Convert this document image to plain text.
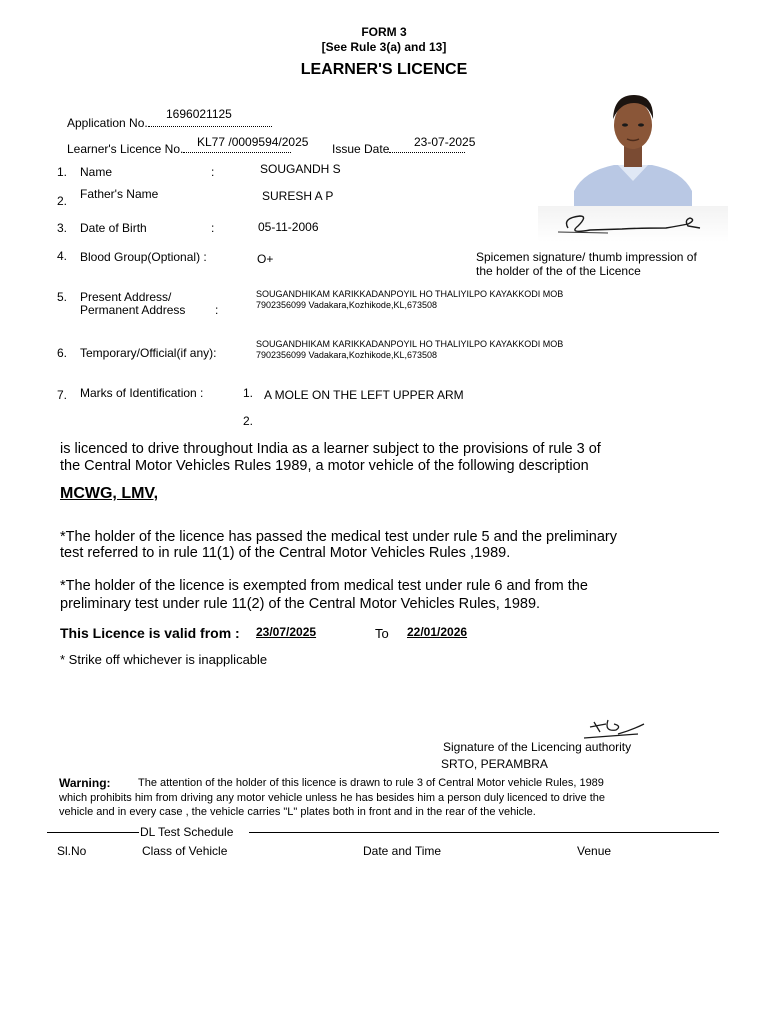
FORM 3
[See Rule 3(a) and 13]
LEARNER'S LICENCE
Application No.
1696021125
Learner's Licence No.	KL77 /0009594/2025 Issue Date	23-07-2025
1. Name	:	SOUGANDH S
2. Father's Name	SURESH A P
3. Date of Birth	:	05-11-2006
4. Blood Group(Optional) :	O+	Spicemen signature/ thumb impression of
the holder of the of the Licence
5. Present Address/
Permanent Address :
SOUGANDHIKAM KARIKKADANPOYIL HO THALIYILPO KAYAKKODI MOB
7902356099 Vadakara,Kozhikode,KL,673508
6. Temporary/Official(if any):
SOUGANDHIKAM KARIKKADANPOYIL HO THALIYILPO KAYAKKODI MOB
7902356099 Vadakara,Kozhikode,KL,673508
7. Marks of Identification :	1. A MOLE ON THE LEFT UPPER ARM
2.
is licenced to drive throughout India as a learner subject to the provisions of rule 3 of
the Central Motor Vehicles Rules 1989, a motor vehicle of the following description
MCWG, LMV,
*The holder of the licence has passed the medical test under rule 5 and the preliminary
test referred to in rule 11(1) of the Central Motor Vehicles Rules ,1989.
*The holder of the licence is exempted from medical test under rule 6 and from the
preliminary test under rule 11(2) of the Central Motor Vehicles Rules, 1989.
This Licence is valid from : 23/07/2025	To 22/01/2026
* Strike off whichever is inapplicable
Signature of the Licencing authority
SRTO, PERAMBRA
Warning: The attention of the holder of this licence is drawn to rule 3 of Central Motor vehicle Rules, 1989
which prohibits him from driving any motor vehicle unless he has besides him a person duly licenced to drive the
vehicle and in every case , the vehicle carries "L" plates both in front and in the rear of the vehicle.
DL Test Schedule
Sl.No	Class of Vehicle	Date and Time	Venue
